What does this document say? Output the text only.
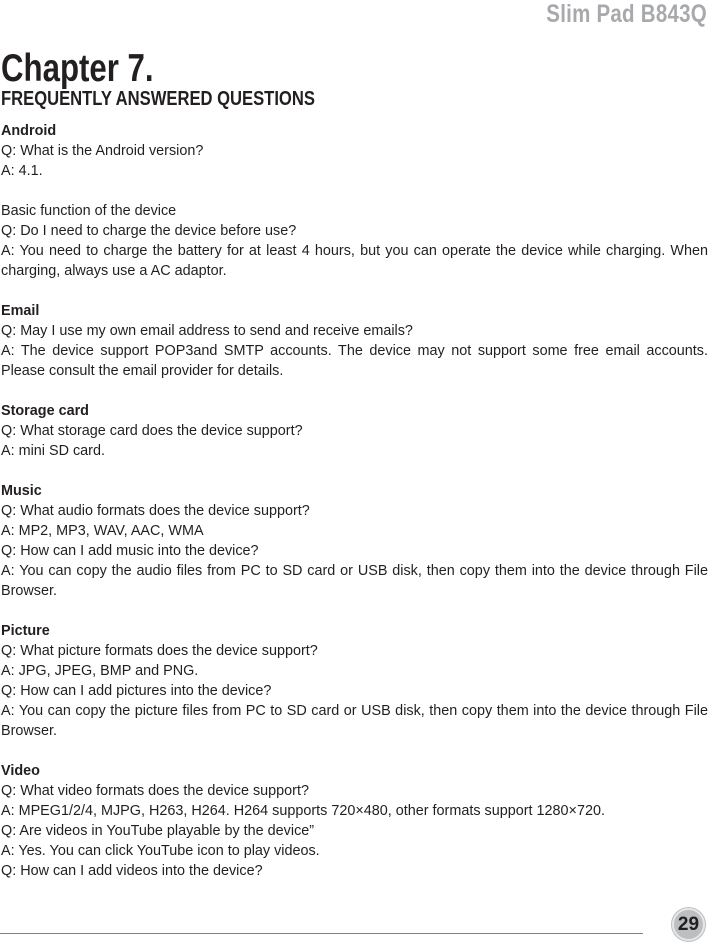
Slim Pad B843Q
Chapter 7.
FREQUENTLY ANSWERED QUESTIONS

Android

Q: What is the Android version?

A: 4.1.

Basic function of the device

Q: Do I need to charge the device before use?

A: You need to charge the battery for at least 4 hours, but you can operate the device while charging. When charging, always use a AC adaptor.

Email

Q: May I use my own email address to send and receive emails?

A: The device support POP3and SMTP accounts. The device may not support some free email accounts. Please consult the email provider for details.

Storage card

Q: What storage card does the device support?

A: mini SD card.

Music

Q: What audio formats does the device support?

A: MP2, MP3, WAV, AAC, WMA

Q: How can I add music into the device?

A: You can copy the audio files from PC to SD card or USB disk, then copy them into the device through File Browser.

Picture

Q: What picture formats does the device support?

A: JPG, JPEG, BMP and PNG.

Q: How can I add pictures into the device?

A: You can copy the picture files from PC to SD card or USB disk, then copy them into the device through File Browser.

Video

Q: What video formats does the device support?

A: MPEG1/2/4, MJPG, H263, H264. H264 supports 720×480, other formats support 1280×720.

Q: Are videos in YouTube playable by the device”

A: Yes. You can click YouTube icon to play videos.

Q: How can I add videos into the device?

29
